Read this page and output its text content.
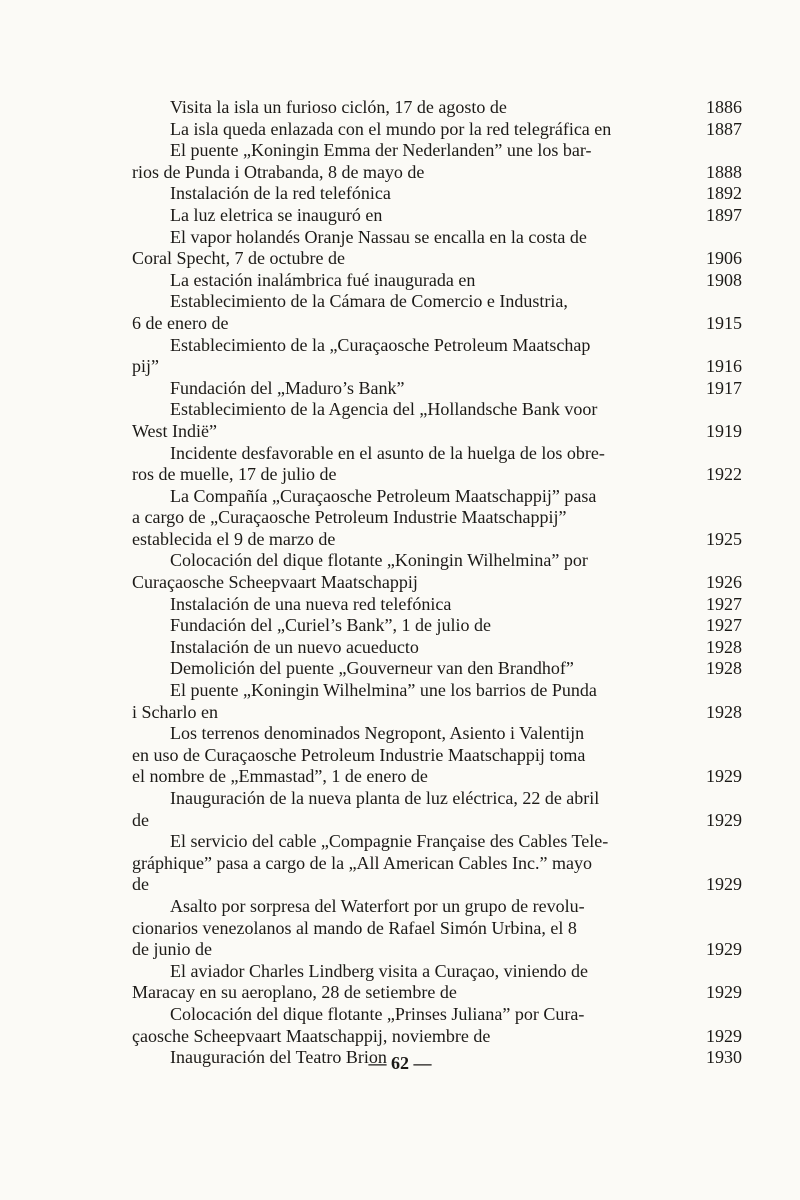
Visita la isla un furioso ciclón, 17 de agosto de	1886
La isla queda enlazada con el mundo por la red telegráfica en	1887
El puente „Koningin Emma der Nederlanden” une los bar-
rios de Punda i Otrabanda, 8 de mayo de	1888
Instalación de la red telefónica	1892
La luz eletrica se inauguró en	1897
El vapor holandés Oranje Nassau se encalla en la costa de
Coral Specht, 7 de octubre de	1906
La estación inalámbrica fué inaugurada en	1908
Establecimiento de la Cámara de Comercio e Industria,
6 de enero de	1915
Establecimiento de la „Curaçaosche Petroleum Maatschap
pij”	1916
Fundación del „Maduro’s Bank”	1917
Establecimiento de la Agencia del „Hollandsche Bank voor
West Indië”	1919
Incidente desfavorable en el asunto de la huelga de los obre-
ros de muelle, 17 de julio de	1922
La Compañía „Curaçaosche Petroleum Maatschappij” pasa
a cargo de „Curaçaosche Petroleum Industrie Maatschappij”
establecida el 9 de marzo de	1925
Colocación del dique flotante „Koningin Wilhelmina” por
Curaçaosche Scheepvaart Maatschappij	1926
Instalación de una nueva red telefónica	1927
Fundación del „Curiel’s Bank”, 1 de julio de	1927
Instalación de un nuevo acueducto	1928
Demolición del puente „Gouverneur van den Brandhof”	1928
El puente „Koningin Wilhelmina” une los barrios de Punda
i Scharlo en	1928
Los terrenos denominados Negropont, Asiento i Valentijn
en uso de Curaçaosche Petroleum Industrie Maatschappij toma
el nombre de „Emmastad”, 1 de enero de	1929
Inauguración de la nueva planta de luz eléctrica, 22 de abril
de	1929
El servicio del cable „Compagnie Française des Cables Tele-
gráphique” pasa a cargo de la „All American Cables Inc.” mayo
de	1929
Asalto por sorpresa del Waterfort por un grupo de revolu-
cionarios venezolanos al mando de Rafael Simón Urbina, el 8
de junio de	1929
El aviador Charles Lindberg visita a Curaçao, viniendo de
Maracay en su aeroplano, 28 de setiembre de	1929
Colocación del dique flotante „Prinses Juliana” por Cura-
çaosche Scheepvaart Maatschappij, noviembre de	1929
Inauguración del Teatro Brion	1930
— 62 —
